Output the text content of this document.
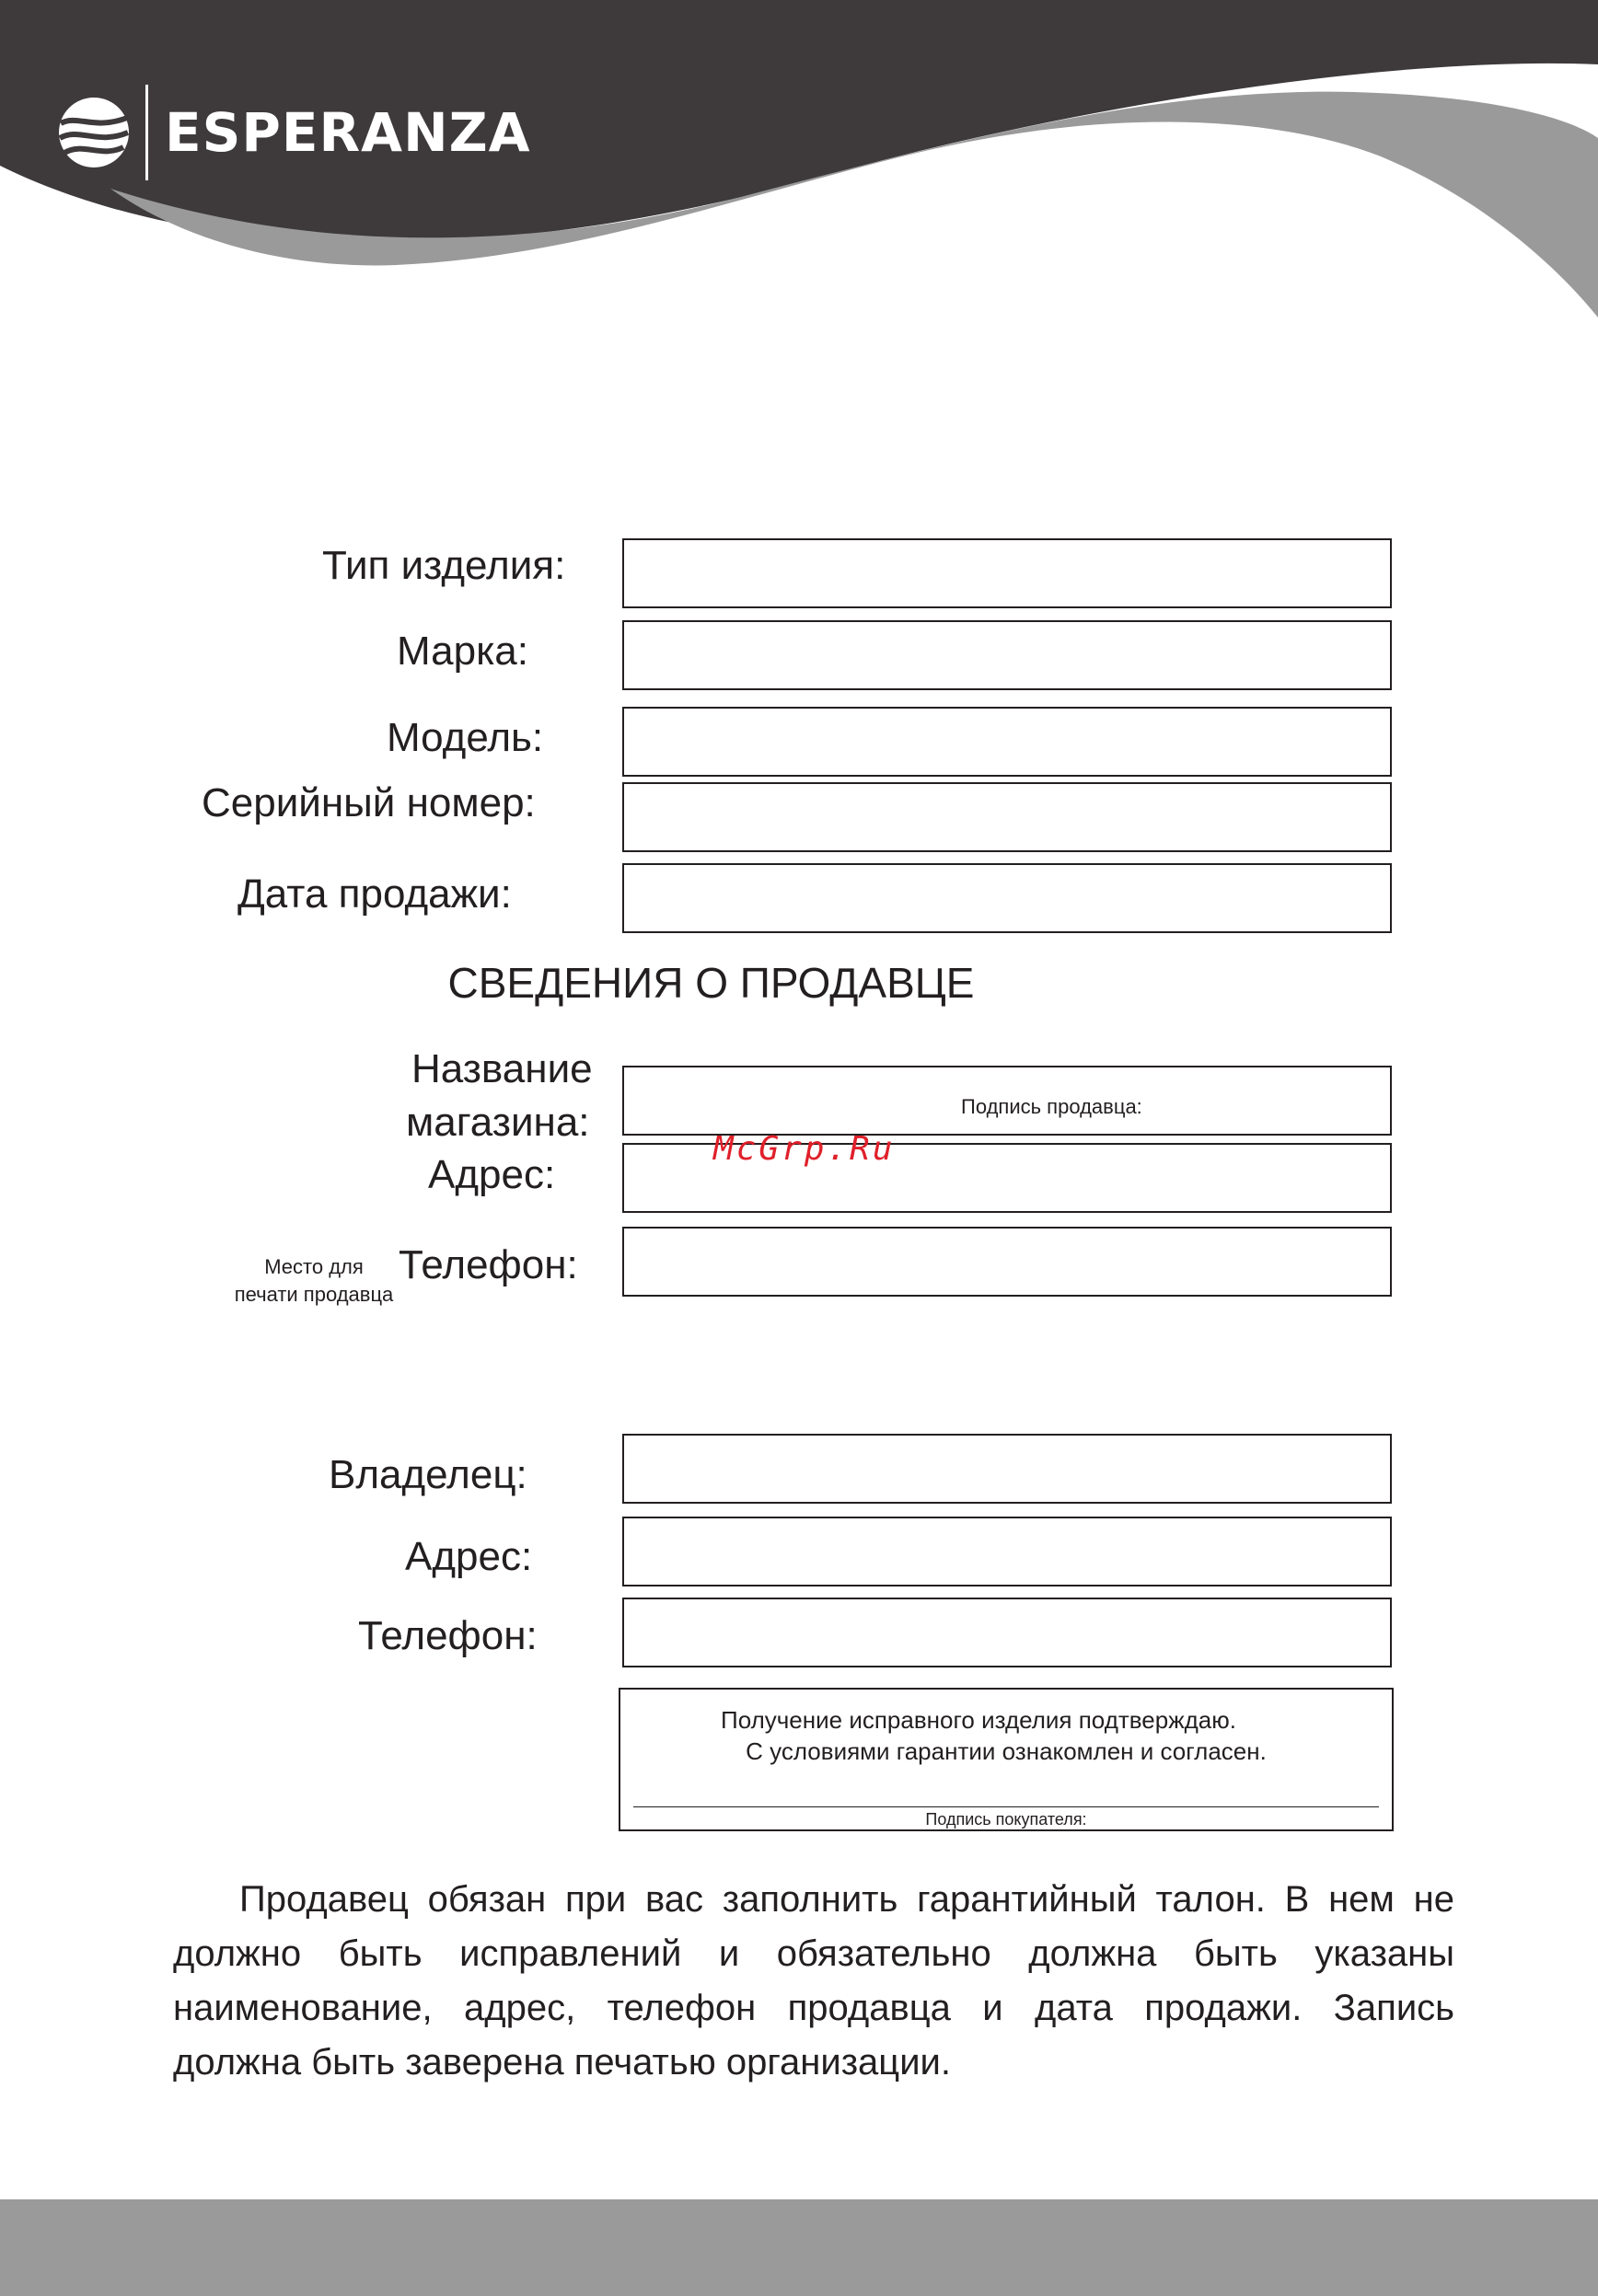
ESPERANZA
Тип изделия:
Марка:
Модель:
Серийный номер:
Дата продажи:
СВЕДЕНИЯ О ПРОДАВЦЕ
Название
магазина:	Подпись продавца:
Адрес:
McGrp.Ru
Место для
печати продавца
Телефон:
Владелец:
Адрес:
Телефон:
Получение исправного изделия подтверждаю.
С условиями гарантии ознакомлен и согласен.
Подпись покупателя:
Продавец обязан при вас заполнить гарантийный талон. В нем не
должно быть исправлений и обязательно должна быть указаны
наименование, адрес, телефон продавца и дата продажи. Запись
должна быть заверена печатью организации.
